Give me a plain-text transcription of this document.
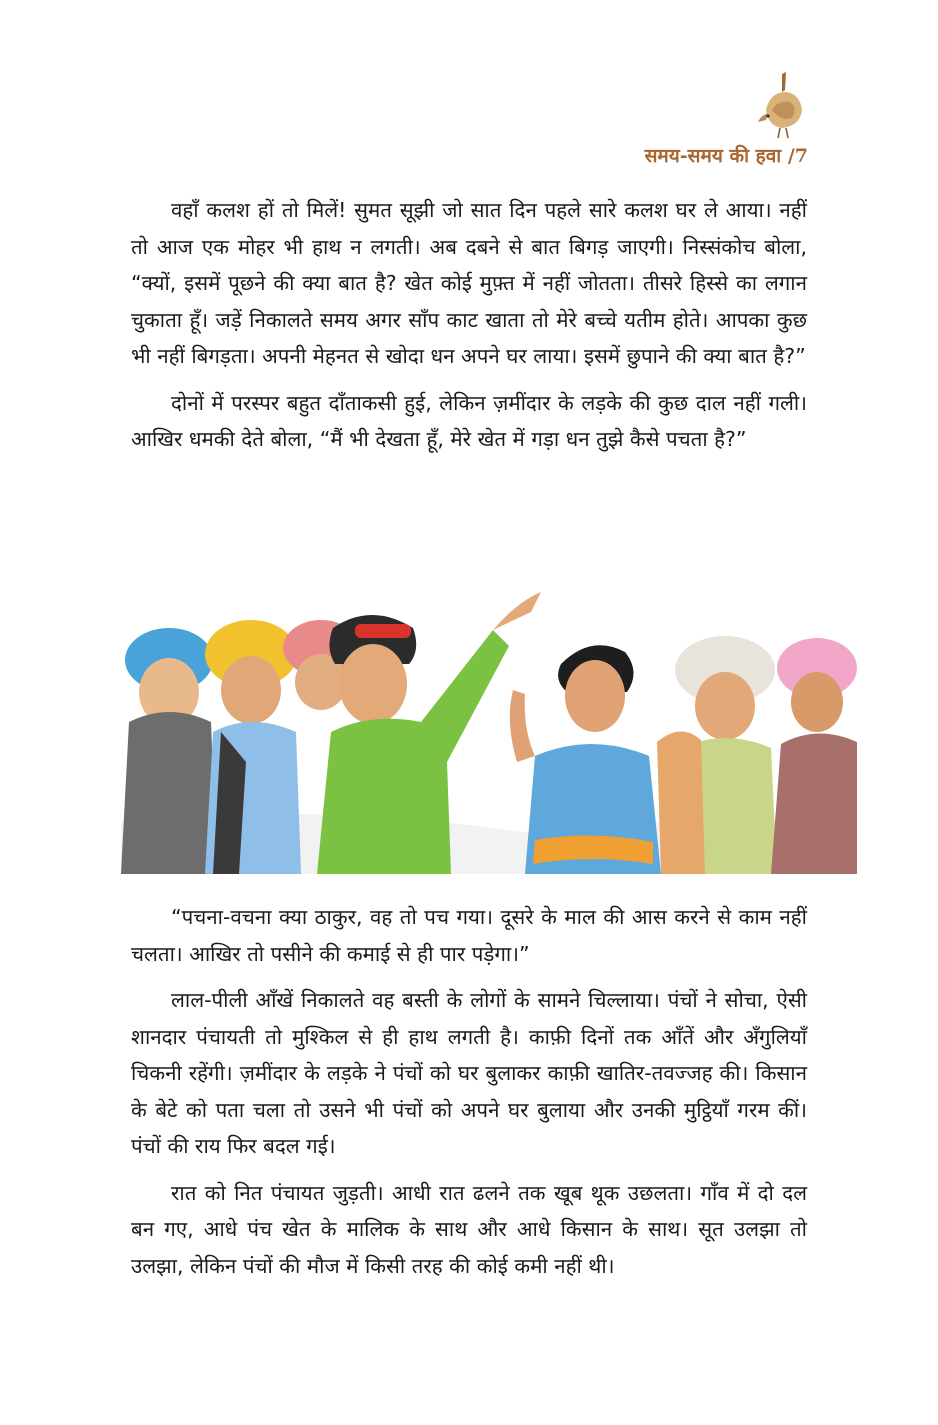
समय-समय की हवा /7

वहाँ कलश हों तो मिलें! सुमत सूझी जो सात दिन पहले सारे कलश घर ले आया। नहीं तो आज एक मोहर भी हाथ न लगती। अब दबने से बात बिगड़ जाएगी। निस्संकोच बोला, “क्यों, इसमें पूछने की क्या बात है? खेत कोई मुफ़्त में नहीं जोतता। तीसरे हिस्से का लगान चुकाता हूँ। जड़ें निकालते समय अगर साँप काट खाता तो मेरे बच्चे यतीम होते। आपका कुछ भी नहीं बिगड़ता। अपनी मेहनत से खोदा धन अपने घर लाया। इसमें छुपाने की क्या बात है?”

दोनों में परस्पर बहुत दाँताकसी हुई, लेकिन ज़मींदार के लड़के की कुछ दाल नहीं गली। आखिर धमकी देते बोला, “मैं भी देखता हूँ, मेरे खेत में गड़ा धन तुझे कैसे पचता है?”

“पचना-वचना क्या ठाकुर, वह तो पच गया। दूसरे के माल की आस करने से काम नहीं चलता। आखिर तो पसीने की कमाई से ही पार पड़ेगा।”

लाल-पीली आँखें निकालते वह बस्ती के लोगों के सामने चिल्लाया। पंचों ने सोचा, ऐसी शानदार पंचायती तो मुश्किल से ही हाथ लगती है। काफ़ी दिनों तक आँतें और अँगुलियाँ चिकनी रहेंगी। ज़मींदार के लड़के ने पंचों को घर बुलाकर काफ़ी खातिर-तवज्जह की। किसान के बेटे को पता चला तो उसने भी पंचों को अपने घर बुलाया और उनकी मुट्ठियाँ गरम कीं। पंचों की राय फिर बदल गई।

रात को नित पंचायत जुड़ती। आधी रात ढलने तक खूब थूक उछलता। गाँव में दो दल बन गए, आधे पंच खेत के मालिक के साथ और आधे किसान के साथ। सूत उलझा तो उलझा, लेकिन पंचों की मौज में किसी तरह की कोई कमी नहीं थी।
